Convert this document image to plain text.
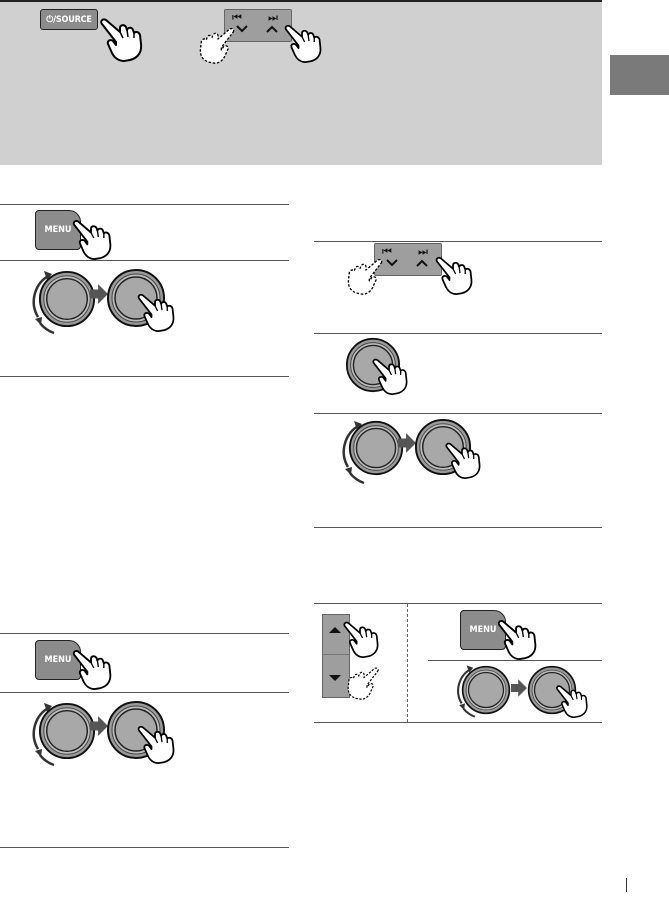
⏻/SOURCE	⏮ ⏭
MENU
MENU
⏮ ⏭
MENU
